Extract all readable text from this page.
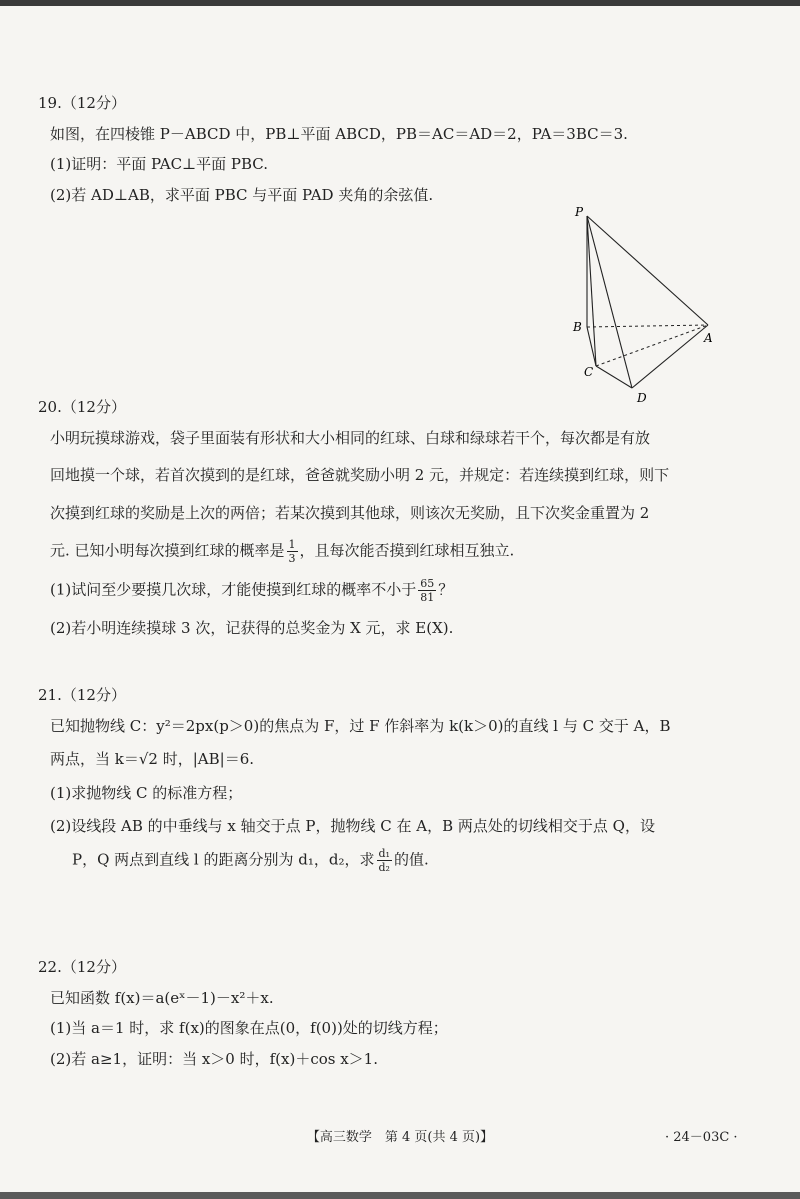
19.（12分）
如图，在四棱锥 P－ABCD 中，PB⊥平面 ABCD，PB＝AC＝AD＝2，PA＝3BC＝3.
(1)证明：平面 PAC⊥平面 PBC.
(2)若 AD⊥AB，求平面 PBC 与平面 PAD 夹角的余弦值.
P
B
A
C
D
20.（12分）
小明玩摸球游戏，袋子里面装有形状和大小相同的红球、白球和绿球若干个，每次都是有放
回地摸一个球，若首次摸到的是红球，爸爸就奖励小明 2 元，并规定：若连续摸到红球，则下
次摸到红球的奖励是上次的两倍；若某次摸到其他球，则该次无奖励，且下次奖金重置为 2
元. 已知小明每次摸到红球的概率是 $\frac{1}{3}$ ，且每次能否摸到红球相互独立.
(1)试问至少要摸几次球，才能使摸到红球的概率不小于 $\frac{65}{81}$ ？
(2)若小明连续摸球 3 次，记获得的总奖金为 X 元，求 E(X).
21.（12分）
已知抛物线 C：y²＝2px(p＞0)的焦点为 F，过 F 作斜率为 k(k＞0)的直线 l 与 C 交于 A，B
两点，当 k＝√2 时，|AB|＝6.
(1)求抛物线 C 的标准方程；
(2)设线段 AB 的中垂线与 x 轴交于点 P，抛物线 C 在 A，B 两点处的切线相交于点 Q，设
P，Q 两点到直线 l 的距离分别为 d₁，d₂，求 $\frac{\text{d₁}}{\text{d₂}}$ 的值.
22.（12分）
已知函数 f(x)＝a(eˣ－1)－x²＋x.
(1)当 a＝1 时，求 f(x)的图象在点(0，f(0))处的切线方程；
(2)若 a≥1，证明：当 x＞0 时，f(x)＋cos x＞1.
【高三数学　第 4 页(共 4 页)】	· 24－03C ·
